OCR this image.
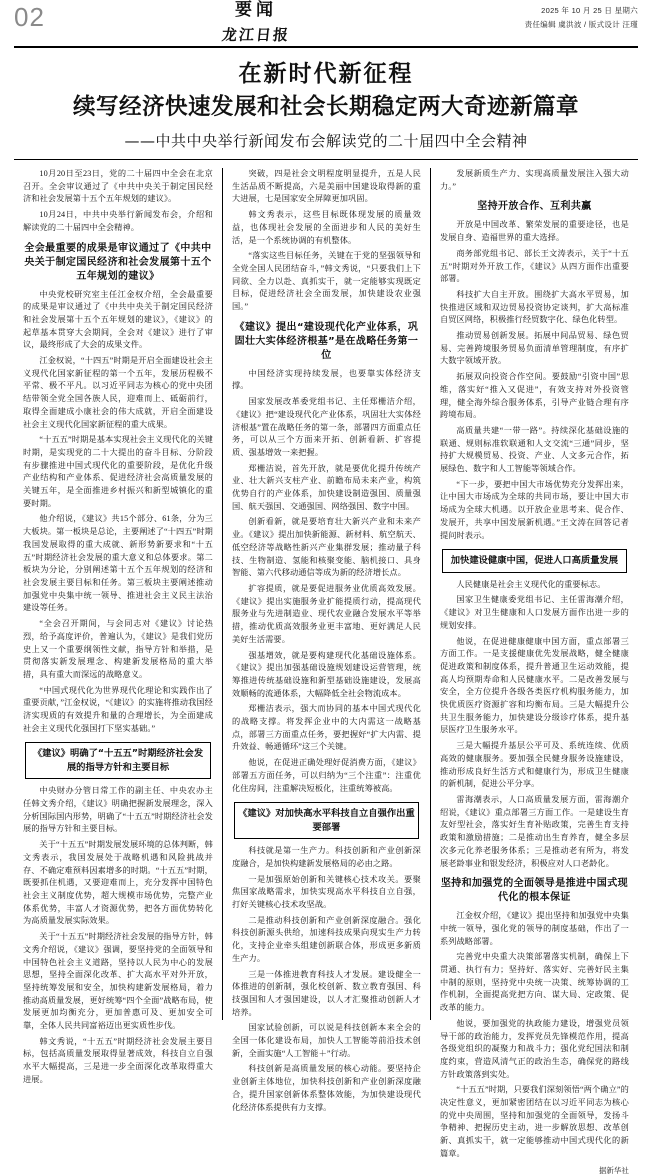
02	要闻
龙江日报
2025 年 10 月 25 日 星期六
责任编辑 虞洪波 / 版式设计 汪瑾
在新时代新征程
续写经济快速发展和社会长期稳定两大奇迹新篇章
——中共中央举行新闻发布会解读党的二十届四中全会精神

10月20日至23日，党的二十届四中全会在北京召开。全会审议通过了《中共中央关于制定国民经济和社会发展第十五个五年规划的建议》。

10月24日，中共中央举行新闻发布会，介绍和解读党的二十届四中全会精神。

全会最重要的成果是审议通过了《中共中央关于制定国民经济和社会发展第十五个五年规划的建议》

中央党校研究室主任江金权介绍，全会最重要的成果是审议通过了《中共中央关于制定国民经济和社会发展第十五个五年规划的建议》，《建议》的起草基本贯穿大会期间，全会对《建议》进行了审议，最终形成了大会的成果文件。

江金权说，“十四五”时期是开启全面建设社会主义现代化国家新征程的第一个五年，发展历程极不平常、极不平凡。以习近平同志为核心的党中央团结带领全党全国各族人民，迎难而上、砥砺前行，取得全面建成小康社会的伟大成就，开启全面建设社会主义现代化国家新征程的重大成果。

“十五五”时期是基本实现社会主义现代化的关键时期，是实现党的二十大提出的奋斗目标、分阶段有步骤推进中国式现代化的重要阶段，是优化升级产业结构和产业体系、促进经济社会高质量发展的关键五年，是全面推进乡村振兴和新型城镇化的重要时期。

他介绍说，《建议》共15个部分、61条，分为三大板块。第一板块是总论，主要阐述了“十四五”时期我国发展取得的重大成就、新形势新要求和“十五五”时期经济社会发展的重大意义和总体要求。第二板块为分论，分别阐述第十五个五年规划的经济和社会发展主要目标和任务。第三板块主要阐述推动加强党中央集中统一领导、推进社会主义民主法治建设等任务。

“全会召开期间，与会同志对《建议》讨论热烈，给予高度评价，普遍认为，《建议》是我们党历史上又一个重要纲领性文献，指导方针和举措，是贯彻落实新发展理念、构建新发展格局的重大举措，具有重大而深远的战略意义。

“中国式现代化为世界现代化理论和实践作出了重要贡献，”江金权说，“《建议》的实施将推动我国经济实现质的有效提升和量的合理增长，为全面建成社会主义现代化强国打下坚实基础。”

《建议》明确了“十五五”时期经济社会发展的指导方针和主要目标

中央财办分管日常工作的副主任、中央农办主任韩文秀介绍，《建议》明确把握新发展理念，深入分析国际国内形势，明确了“十五五”时期经济社会发展的指导方针和主要目标。

关于“十五五”时期发展发展环境的总体判断，韩文秀表示，我国发展处于战略机遇和风险挑战并存、不确定难预料因素增多的时期。“十五五”时期，既要抓住机遇，又要迎难而上，充分发挥中国特色社会主义制度优势，超大规模市场优势，完整产业体系优势，丰富人才资源优势，把各方面优势转化为高质量发展实际效果。

关于“十五五”时期经济社会发展的指导方针，韩文秀介绍说，《建议》强调，要坚持党的全面领导和中国特色社会主义道路，坚持以人民为中心的发展思想，坚持全面深化改革、扩大高水平对外开放，坚持统筹发展和安全，加快构建新发展格局，着力推动高质量发展，更好统筹“四个全面”战略布局，使发展更加均衡充分，更加普惠可及、更加安全可靠，全体人民共同富裕迈出更实质性步伐。

韩文秀说，“十五五”时期经济社会发展主要目标，包括高质量发展取得显著成效，科技自立自强水平大幅提高，三是进一步全面深化改革取得重大进展。

突破，四是社会文明程度明显提升，五是人民生活品质不断提高，六是美丽中国建设取得新的重大进展，七是国家安全屏障更加巩固。

韩文秀表示，这些目标既体现发展的质量效益，也体现社会发展的全面进步和人民的美好生活，是一个系统协调的有机整体。

“落实这些目标任务，关键在于党的坚强领导和全党全国人民团结奋斗，”韩文秀说，“只要我们上下同欲、全力以赴、真抓实干，就一定能够实现既定目标，促进经济社会全面发展，加快建设农业强国。”

《建议》提出“建设现代化产业体系，巩固壮大实体经济根基”是在战略任务第一位

中国经济实现持续发展，也要靠实体经济支撑。

国家发展改革委党组书记、主任郑栅洁介绍，《建议》把“建设现代化产业体系，巩固壮大实体经济根基”置在战略任务的第一条，部署四方面重点任务，可以从三个方面来开拓、创新看新、扩容提质、强基增效一来把握。

郑栅洁说，首先开放，就是要优化提升传统产业、壮大新兴支柱产业、前瞻布局未来产业，构筑优势自行的产业体系，加快建设制造强国、质量强国、航天强国、交通强国、网络强国、数字中国。

创新看新，就是要培育壮大新兴产业和未来产业。《建议》提出加快新能源、新材料、航空航天、低空经济等战略性新兴产业集群发展；推动量子科技、生物制造、氢能和核聚变能、脑机接口、具身智能、第六代移动通信等成为新的经济增长点。

扩容提质，就是要促进服务业优质高效发展。《建议》提出实施服务业扩能提质行动，提高现代服务业与先进制造业、现代农业融合发展水平等举措，推动优质高效服务业更丰富地、更好满足人民美好生活需要。

强基增效，就是要构建现代化基础设施体系。《建议》提出加强基础设施规划建设运营管理，统筹推进传统基础设施和新型基础设施建设，发展高效顺畅的流通体系，大幅降低全社会物流成本。

郑栅洁表示，强大而协同的基本中国式现代化的战略支撑。将发挥企业中的大内需这一战略基点，部署三方面重点任务，要把握好“扩大内需、提升效益、畅通循环”这三个关键。

他说，在促进正确处理好促消费方面，《建议》部署五方面任务，可以归纳为“三个注重”：注重优化住房间，注重解决短板化，注重统筹被高。

《建议》对加快高水平科技自立自强作出重要部署

科技就是第一生产力。科技创新和产业创新深度融合，是加快构建新发展格局的必由之路。

一是加强原始创新和关键核心技术攻关。要聚焦国家战略需求，加快实现高水平科技自立自强，打好关键核心技术攻坚战。

二是推动科技创新和产业创新深度融合。强化科技创新源头供给，加速科技成果向现实生产力转化，支持企业牵头组建创新联合体，形成更多新质生产力。

三是一体推进教育科技人才发展。建设健全一体推进的创新制，强化校创新、数立教育强国、科技强国和人才强国建设，以人才汇聚推动创新人才培养。

国家试验创新，可以说是科技创新本来全会的全国一体化建设布局，加快人工智能等前沿技术创新，全面实施“人工智能＋”行动。

科技创新是高质量发展的核心动能。要坚持企业创新主体地位，加快科技创新和产业创新深度融合，提升国家创新体系整体效能，为加快建设现代化经济体系提供有力支撑。

发展新质生产力、实现高质量发展注入强大动力。”

坚持开放合作、互利共赢

开放是中国改革、繁荣发展的重要途径，也是发展自身、造福世界的重大选择。

商务部党组书记、部长王文涛表示，关于“十五五”时期对外开放工作，《建议》从四方面作出重要部署。

科技扩大自主开放。围绕扩大高水平贸易，加快推进区域和双边贸易投资协定谈判，扩大高标准自贸区网络，积极推行经贸数字化、绿色化转型。

推动贸易创新发展。拓展中间品贸易、绿色贸易、完善跨境服务贸易负面清单管理制度，有序扩大数字领域开放。

拓展双向投资合作空间。要鼓励“引资中国”思维，落实好“推入又促进”，有效支持对外投资管理，健全海外综合服务体系，引导产业链合理有序跨境布局。

高质量共建“一带一路”。持续深化基础设施的联通、规则标准软联通和人文交流“三通”同步，坚持扩大规模贸易、投资、产业、人文多元合作，拓展绿色、数字和人工智能等领域合作。

“下一步，要把中国大市场优势充分发挥出来，让中国大市场成为全球的共同市场，要让中国大市场成为全球大机遇。以开放企业思考来、促合作、发展开，共享中国发展新机遇。”王文涛在回答记者提问时表示。

加快建设健康中国，促进人口高质量发展

人民健康是社会主义现代化的重要标志。

国家卫生健康委党组书记、主任雷海潮介绍，《建议》对卫生健康和人口发展方面作出进一步的规划安排。

他说，在促进健康健康中国方面，重点部署三方面工作。一是支援健康优先发展战略，健全健康促进政策和制度体系，提升普通卫生运动效能，提高人均预期寿命和人民健康水平。二是改善发展与安全，全方位提升各级各类医疗机构服务能力，加快优质医疗资源扩容和均衡布局。三是大幅提升公共卫生服务能力，加快建设分级诊疗体系，提升基层医疗卫生服务水平。

三是大幅提升基层公平可及、系统连续、优质高效的健康服务。要加强全民健身服务设施建设，推动形成良好生活方式和健康行为，形成卫生健康的新机制，促进公平分享。

雷海潮表示，人口高质量发展方面，雷海潮介绍说，《建议》重点部署三方面工作。一是建设生育友好型社会，落实好生育补贴政策，完善生育支持政策和激励措施；二是推动出生育养育，健全多层次多元化养老服务体系；三是推动老有所为，将发展老龄事业和银发经济，积极应对人口老龄化。

坚持和加强党的全面领导是推进中国式现代化的根本保证

江金权介绍，《建议》提出坚持和加强党中央集中统一领导，强化党的领导的制度基础，作出了一系列战略部署。

完善党中央重大决策部署落实机制，确保上下贯通、执行有力；坚持好、落实好、完善好民主集中制的原则，坚持党中央统一决策、统筹协调的工作机制，全面提高党把方向、谋大局、定政策、促改革的能力。

他说，要加强党的执政能力建设，增强党员领导干部的政治能力，发挥党员先锋模范作用，提高各级党组织的凝聚力和战斗力；强化党纪国法和制度约束，营造风清气正的政治生态，确保党的路线方针政策落到实处。

“十五五”时期，只要我们深刻领悟“两个确立”的决定性意义，更加紧密团结在以习近平同志为核心的党中央周围，坚持和加强党的全面领导，发扬斗争精神、把握历史主动，进一步解放思想、改革创新、真抓实干，就一定能够推动中国式现代化的新篇章。

据新华社
